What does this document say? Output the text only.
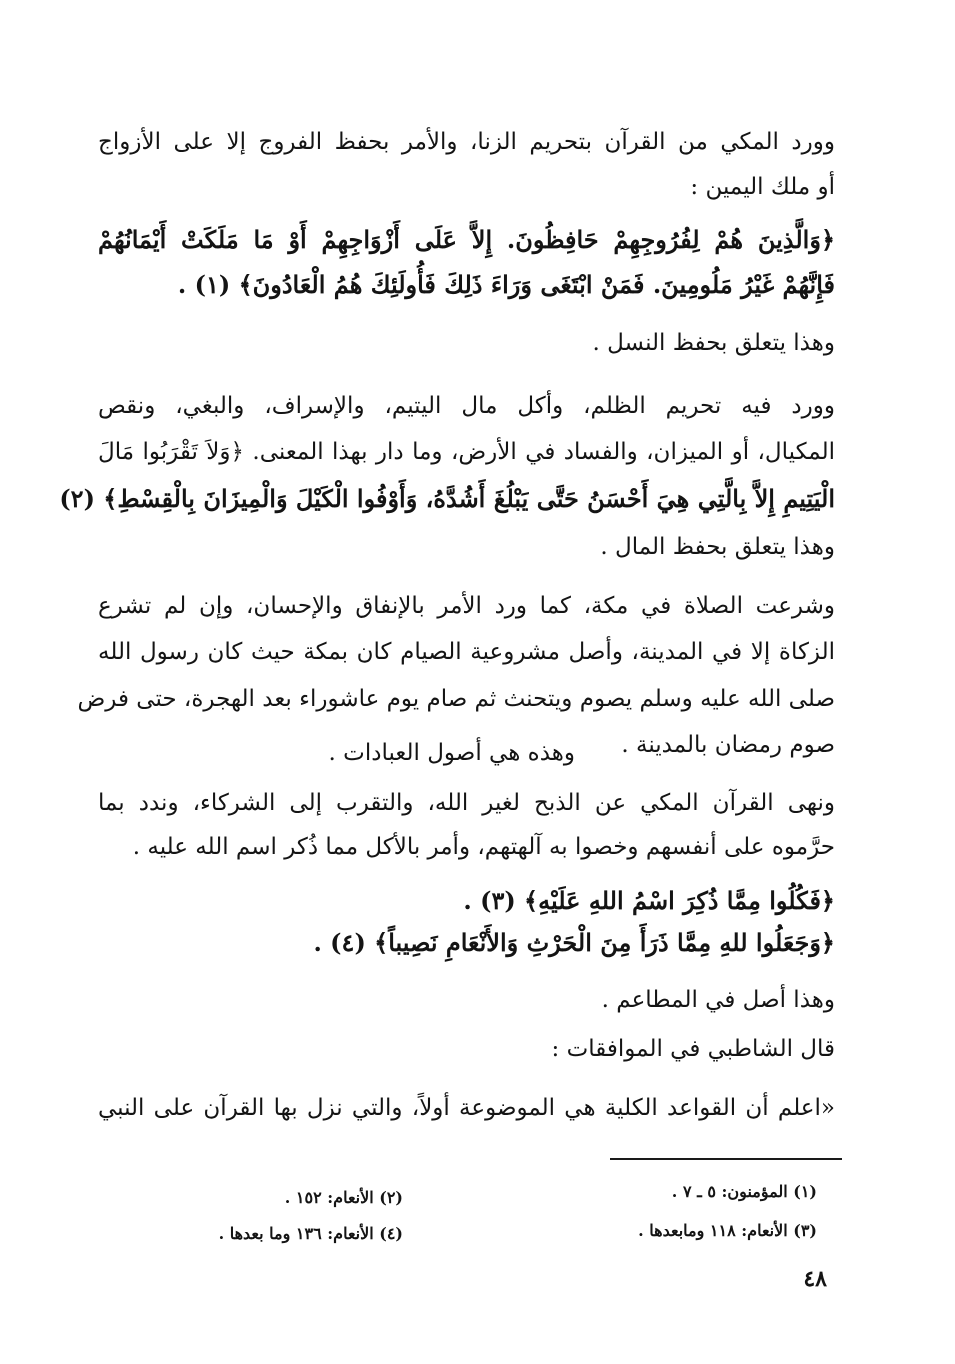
وورد المكي من القرآن بتحريم الزنا، والأمر بحفظ الفروج إلا على الأزواج
أو ملك اليمين :
﴿وَالَّذِينَ هُمْ لِفُرُوجِهِمْ حَافِظُونَ. إِلاَّ عَلَى أَزْوَاجِهِمْ أَوْ مَا مَلَكَتْ أَيْمَانُهُمْ
فَإِنَّهُمْ غَيْرُ مَلُومِينَ. فَمَنْ ابْتَغَى وَرَاءَ ذَلِكَ فَأُولَئِكَ هُمُ الْعَادُونَ﴾ (١) .
وهذا يتعلق بحفظ النسل .
وورد فيه تحريم الظلم، وأكل مال اليتيم، والإسراف، والبغي، ونقص
المكيال، أو الميزان، والفساد في الأرض، وما دار بهذا المعنى. ﴿وَلاَ تَقْرَبُوا مَالَ
الْيَتِيمِ إِلاَّ بِالَّتِي هِيَ أَحْسَنُ حَتَّى يَبْلُغَ أَشُدَّهُ، وَأَوْفُوا الْكَيْلَ وَالْمِيزَانَ بِالْقِسْطِ﴾ (٢)
وهذا يتعلق بحفظ المال .
وشرعت الصلاة في مكة، كما ورد الأمر بالإنفاق والإحسان، وإن لم تشرع
الزكاة إلا في المدينة، وأصل مشروعية الصيام كان بمكة حيث كان رسول الله
صلى الله عليه وسلم يصوم ويتحنث ثم صام يوم عاشوراء بعد الهجرة، حتى فرض
صوم رمضان بالمدينة .
وهذه هي أصول العبادات .
ونهى القرآن المكي عن الذبح لغير الله، والتقرب إلى الشركاء، وندد بما
حرَّموه على أنفسهم وخصوا به آلهتهم، وأمر بالأكل مما ذُكر اسم الله عليه .
﴿فَكُلُوا مِمَّا ذُكِرَ اسْمُ اللهِ عَلَيْهِ﴾ (٣) .
﴿وَجَعَلُوا للهِ مِمَّا ذَرَأَ مِنَ الْحَرْثِ وَالأَنْعَامِ نَصِيباً﴾ (٤) .
وهذا أصل في المطاعم .
قال الشاطبي في الموافقات :
«اعلم أن القواعد الكلية هي الموضوعة أولاً، والتي نزل بها القرآن على النبي
(١) المؤمنون: ٥ ـ ٧ .
(٢) الأنعام: ١٥٢ .
(٣) الأنعام: ١١٨ ومابعدها .
(٤) الأنعام: ١٣٦ وما بعدها .
٤٨
